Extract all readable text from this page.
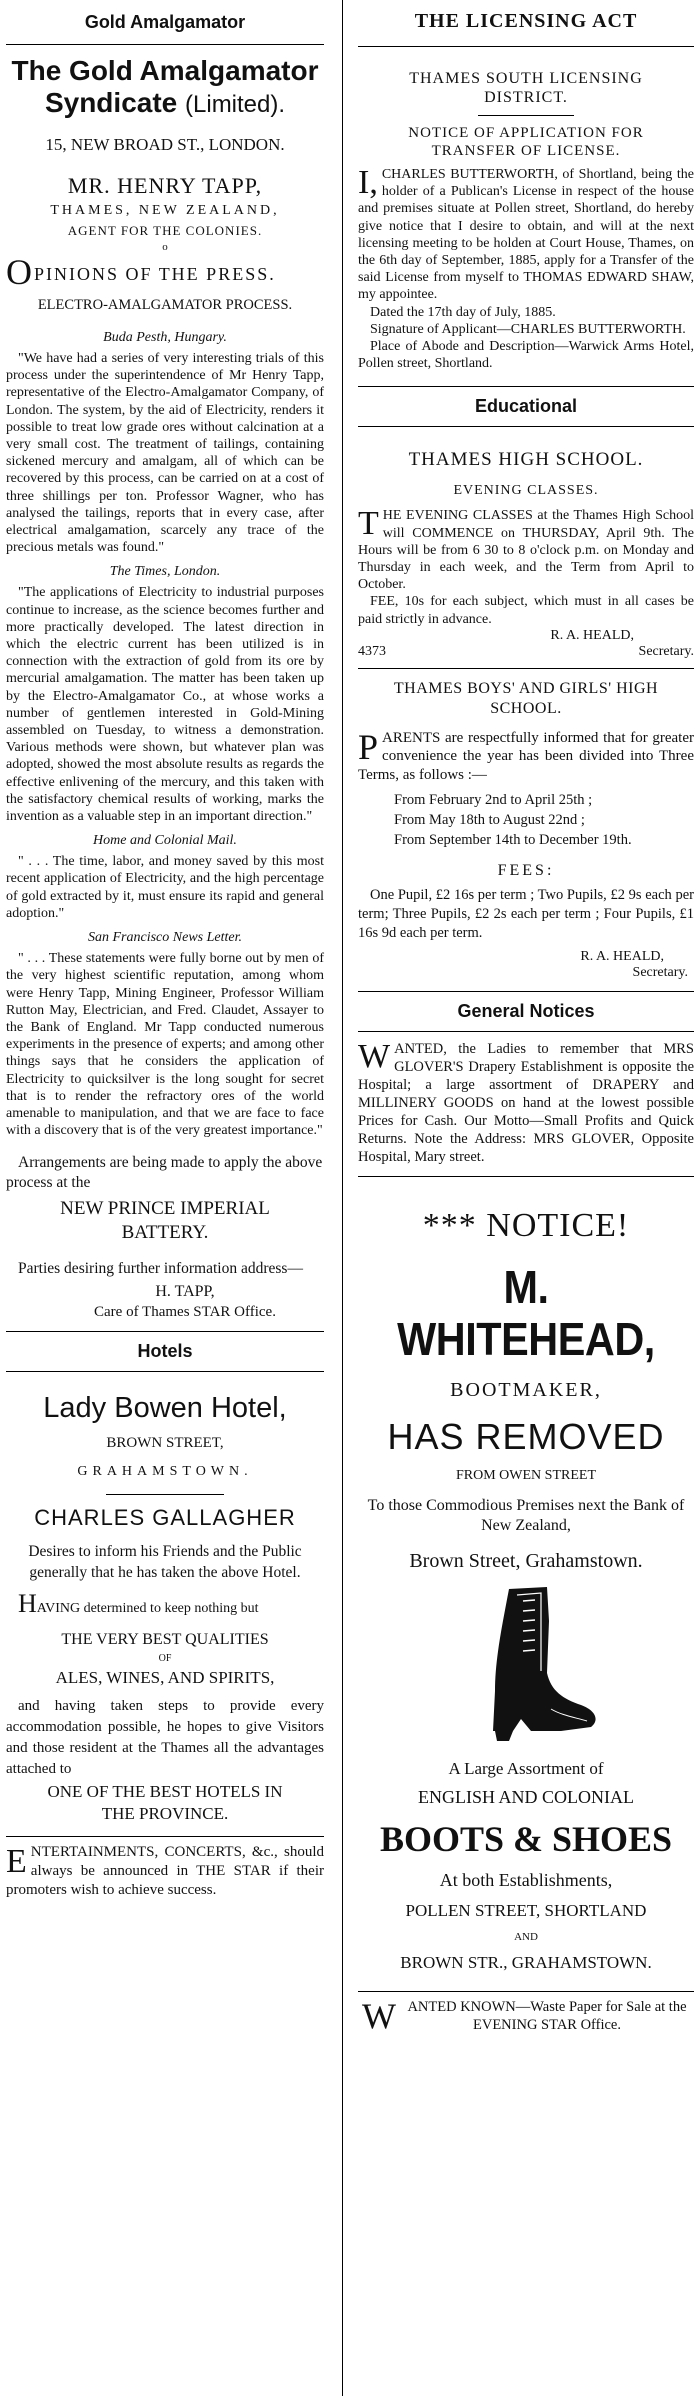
Gold Amalgamator
The Gold Amalgamator
Syndicate (Limited).
15, NEW BROAD ST., LONDON.
MR. HENRY TAPP,
THAMES, NEW ZEALAND,
AGENT FOR THE COLONIES.
o
OPINIONS OF THE PRESS.
ELECTRO-AMALGAMATOR PROCESS.
Buda Pesth, Hungary.

"We have had a series of very interesting trials of this process under the superintendence of Mr Henry Tapp, representative of the Electro-Amalgamator Company, of London. The system, by the aid of Electricity, renders it possible to treat low grade ores without calcination at a very small cost. The treatment of tailings, containing sickened mercury and amalgam, all of which can be recovered by this process, can be carried on at a cost of three shillings per ton. Professor Wagner, who has analysed the tailings, reports that in every case, after electrical amalgamation, scarcely any trace of the precious metals was found."

The Times, London.

"The applications of Electricity to industrial purposes continue to increase, as the science becomes further and more practically developed. The latest direction in which the electric current has been utilized is in connection with the extraction of gold from its ore by mercurial amalgamation. The matter has been taken up by the Electro-Amalgamator Co., at whose works a number of gentlemen interested in Gold-Mining assembled on Tuesday, to witness a demonstration. Various methods were shown, but whatever plan was adopted, showed the most absolute results as regards the effective enlivening of the mercury, and this taken with the satisfactory chemical results of working, marks the invention as a valuable step in an important direction."

Home and Colonial Mail.

" . . . The time, labor, and money saved by this most recent application of Electricity, and the high percentage of gold extracted by it, must ensure its rapid and general adoption."

San Francisco News Letter.

" . . . These statements were fully borne out by men of the very highest scientific reputation, among whom were Henry Tapp, Mining Engineer, Professor William Rutton May, Electrician, and Fred. Claudet, Assayer to the Bank of England. Mr Tapp conducted numerous experiments in the presence of experts; and among other things says that he considers the application of Electricity to quicksilver is the long sought for secret that is to render the refractory ores of the world amenable to manipulation, and that we are face to face with a discovery that is of the very greatest importance."

Arrangements are being made to apply the above process at the

NEW PRINCE IMPERIAL BATTERY.

Parties desiring further information address—

H. TAPP,
Care of Thames STAR Office.
Hotels
Lady Bowen Hotel,
BROWN STREET,
GRAHAMSTOWN.
CHARLES GALLAGHER

Desires to inform his Friends and the Public generally that he has taken the above Hotel.

HAVING determined to keep nothing but
THE VERY BEST QUALITIES
OF
ALES, WINES, AND SPIRITS,

and having taken steps to provide every accommodation possible, he hopes to give Visitors and those resident at the Thames all the advantages attached to

ONE OF THE BEST HOTELS IN
THE PROVINCE.

ENTERTAINMENTS, CONCERTS, &c., should always be announced in THE STAR if their promoters wish to achieve success.

THE LICENSING ACT

THAMES SOUTH LICENSING DISTRICT.

NOTICE OF APPLICATION FOR TRANSFER OF LICENSE.

I, CHARLES BUTTERWORTH, of Shortland, being the holder of a Publican's License in respect of the house and premises situate at Pollen street, Shortland, do hereby give notice that I desire to obtain, and will at the next licensing meeting to be holden at Court House, Thames, on the 6th day of September, 1885, apply for a Transfer of the said License from myself to THOMAS EDWARD SHAW, my appointee.

Dated the 17th day of July, 1885.

Signature of Applicant—CHARLES BUTTERWORTH.

Place of Abode and Description—Warwick Arms Hotel, Pollen street, Shortland.

Educational
THAMES HIGH SCHOOL.
EVENING CLASSES.

THE EVENING CLASSES at the Thames High School will COMMENCE on THURSDAY, April 9th. The Hours will be from 6 30 to 8 o'clock p.m. on Monday and Thursday in each week, and the Term from April to October.

FEE, 10s for each subject, which must in all cases be paid strictly in advance.

R. A. HEALD,
4373	Secretary.

THAMES BOYS' AND GIRLS' HIGH SCHOOL.

PARENTS are respectfully informed that for greater convenience the year has been divided into Three Terms, as follows :—

From February 2nd to April 25th ;
From May 18th to August 22nd ;
From September 14th to December 19th.
FEES:

One Pupil, £2 16s per term ; Two Pupils, £2 9s each per term; Three Pupils, £2 2s each per term ; Four Pupils, £1 16s 9d each per term.

R. A. HEALD,
Secretary.
General Notices

WANTED, the Ladies to remember that MRS GLOVER'S Drapery Establishment is opposite the Hospital; a large assortment of DRAPERY and MILLINERY GOODS on hand at the lowest possible Prices for Cash. Our Motto—Small Profits and Quick Returns. Note the Address: MRS GLOVER, Opposite Hospital, Mary street.

*** NOTICE!
M. WHITEHEAD,
BOOTMAKER,
HAS REMOVED
FROM OWEN STREET

To those Commodious Premises next the Bank of New Zealand,

Brown Street, Grahamstown.
A Large Assortment of
ENGLISH AND COLONIAL
BOOTS & SHOES
At both Establishments,
POLLEN STREET, SHORTLAND
AND
BROWN STR., GRAHAMSTOWN.

WANTED KNOWN—Waste Paper for Sale at the EVENING STAR Office.
